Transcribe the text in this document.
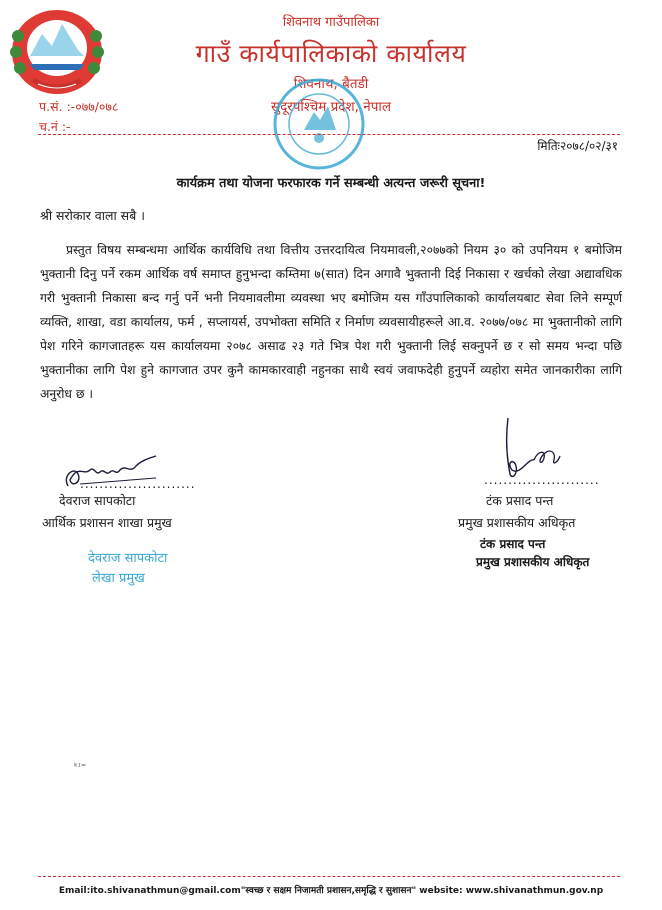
शिवनाथ गाउँपालिका
गाउँ कार्यपालिकाको कार्यालय
शिवनाथ, बैतडी
सुदूरपश्चिम प्रदेश, नेपाल
प.सं. :-०७७/०७८
च.नं :-
मितिः२०७८/०२/३१
कार्यक्रम तथा योजना फरफारक गर्ने सम्बन्धी अत्यन्त जरूरी सूचना!
श्री सरोकार वाला सबै ।

प्रस्तुत विषय सम्बन्धमा आर्थिक कार्यविधि तथा वित्तीय उत्तरदायित्व नियमावली,२०७७को नियम ३० को उपनियम १ बमोजिम भुक्तानी दिनु पर्ने रकम आर्थिक वर्ष समाप्त हुनुभन्दा कम्तिमा ७(सात) दिन अगावै भुक्तानी दिई निकासा र खर्चको लेखा अद्यावधिक गरी भुक्तानी निकासा बन्द गर्नु पर्ने भनी नियमावलीमा व्यवस्था भए बमोजिम यस गाँउपालिकाको कार्यालयबाट सेवा लिने सम्पूर्ण व्यक्ति, शाखा, वडा कार्यालय, फर्म , सप्लायर्स, उपभोक्ता समिति र निर्माण व्यवसायीहरूले आ.व. २०७७/०७८ मा भुक्तानीको लागि पेश गरिने कागजातहरू यस कार्यालयमा २०७८ असाढ २३ गते भित्र पेश गरी भुक्तानी लिई सक्नुपर्ने छ र सो समय भन्दा पछि भुक्तानीका लागि पेश हुने कागजात उपर कुनै कामकारवाही नहुनका साथै स्वयं जवाफदेही हुनुपर्ने व्यहोरा समेत जानकारीका लागि अनुरोध छ ।

........................	........................
देवराज सापकोटा
आर्थिक प्रशासन शाखा प्रमुख
टंक प्रसाद पन्त
प्रमुख प्रशासकीय अधिकृत
टंक प्रसाद पन्त
प्रमुख प्रशासकीय अधिकृत
देवराज सापकोटा
लेखा प्रमुख
ᵏᶦ⁼
Email:ito.shivanathmun@gmail.com"स्वच्छ र सक्षम निजामती प्रशासन,समृद्धि र सुशासन" website: www.shivanathmun.gov.np
